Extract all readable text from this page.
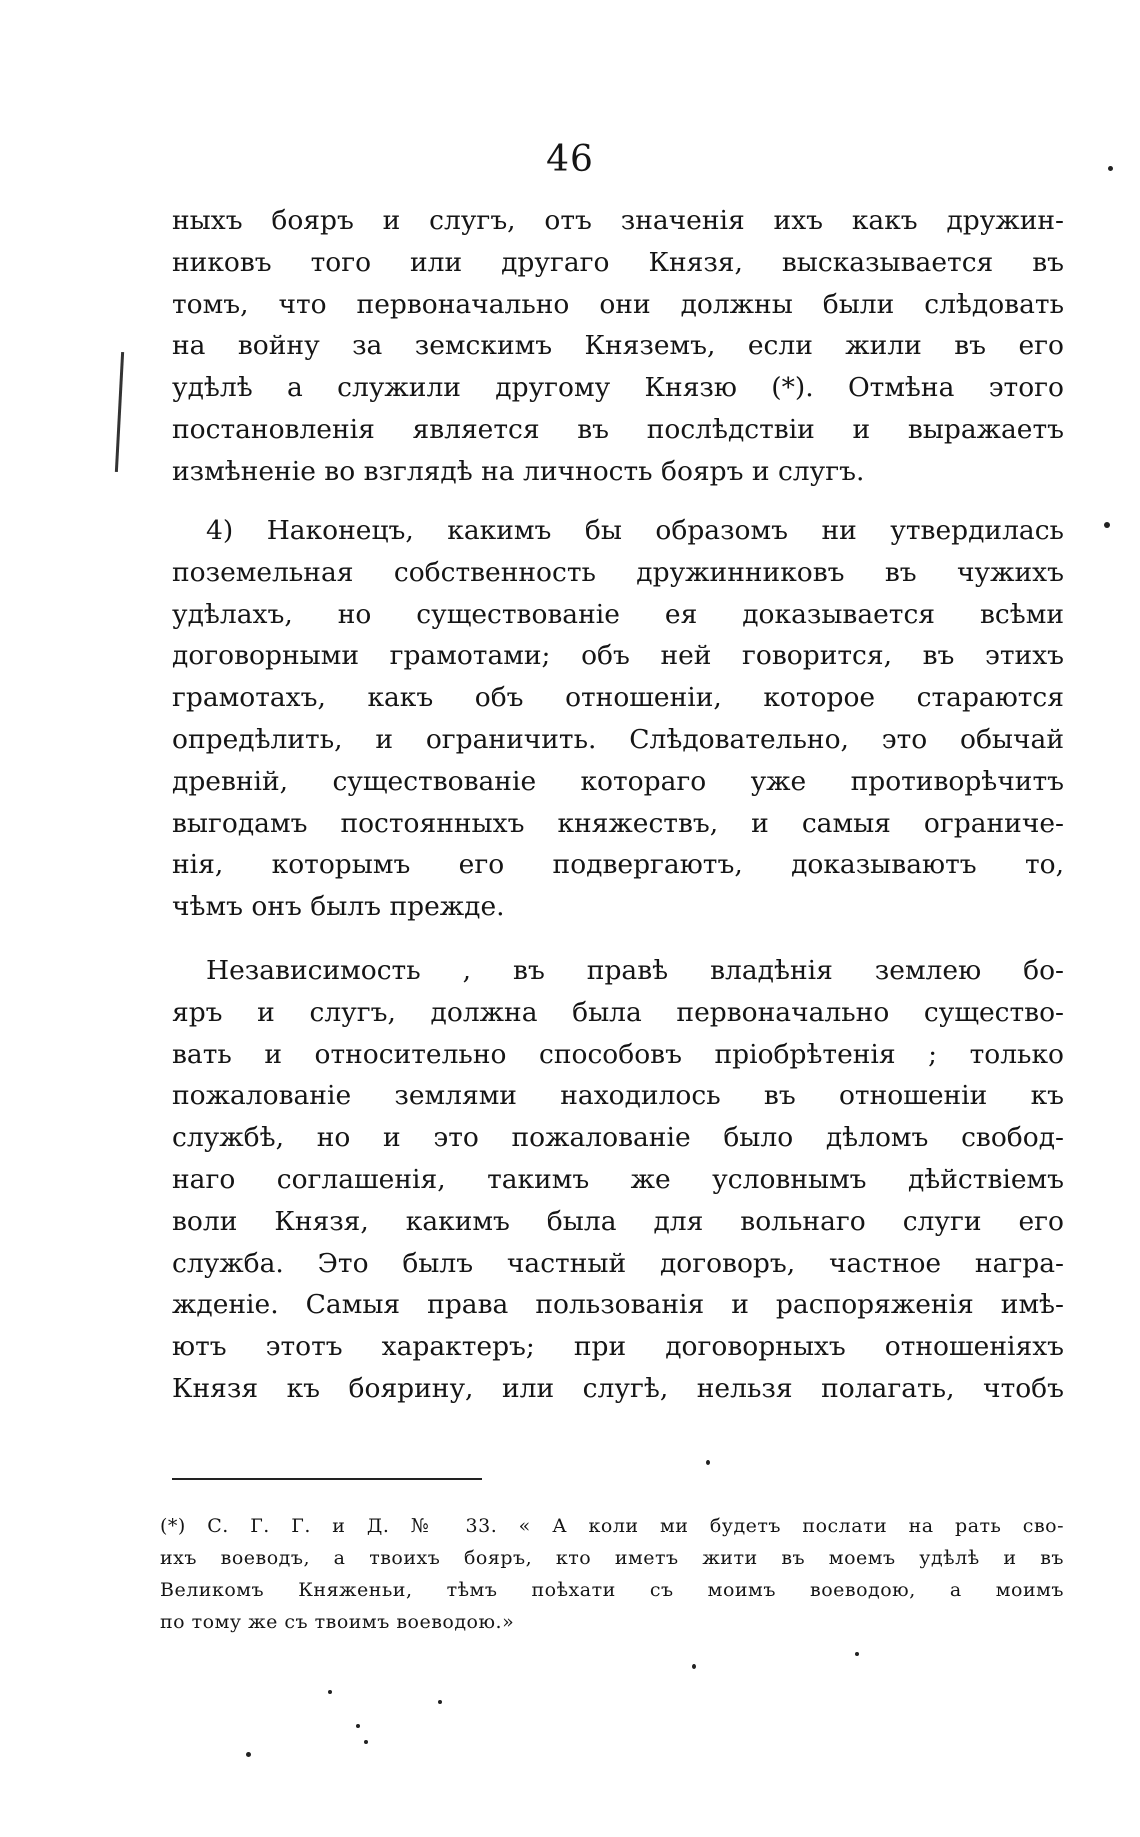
46
ныхъ бояръ и слугъ, отъ значенія ихъ какъ дружин-
никовъ того или другаго Князя, высказывается въ
томъ, что первоначально они должны были слѣдовать
на войну за земскимъ Княземъ, если жили въ его
удѣлѣ а служили другому Князю (*). Отмѣна этого
постановленія является въ послѣдствіи и выражаетъ
измѣненіе во взглядѣ на личность бояръ и слугъ.
4) Наконецъ, какимъ бы образомъ ни утвердилась
поземельная собственность дружинниковъ въ чужихъ
удѣлахъ, но существованіе ея доказывается всѣми
договорными грамотами; объ ней говорится, въ этихъ
грамотахъ, какъ объ отношеніи, которое стараются
опредѣлить, и ограничить. Слѣдовательно, это обычай
древній, существованіе котораго уже противорѣчитъ
выгодамъ постоянныхъ княжествъ, и самыя ограниче-
нія, которымъ его подвергаютъ, доказываютъ то,
чѣмъ онъ былъ прежде.
Независимость , въ правѣ владѣнія землею бо-
яръ и слугъ, должна была первоначально существо-
вать и относительно способовъ пріобрѣтенія ; только
пожалованіе землями находилось въ отношеніи къ
службѣ, но и это пожалованіе было дѣломъ свобод-
наго соглашенія, такимъ же условнымъ дѣйствіемъ
воли Князя, какимъ была для вольнаго слуги его
служба. Это былъ частный договоръ, частное награ-
жденіе. Самыя права пользованія и распоряженія имѣ-
ютъ этотъ характеръ; при договорныхъ отношеніяхъ
Князя къ боярину, или слугѣ, нельзя полагать, чтобъ
(*) С. Г. Г. и Д. № 33. « А коли ми будетъ послати на рать сво-
ихъ воеводъ, а твоихъ бояръ, кто иметъ жити въ моемъ удѣлѣ и въ
Великомъ Княженьи, тѣмъ поѣхати съ моимъ воеводою, а моимъ
по тому же съ твоимъ воеводою.»
